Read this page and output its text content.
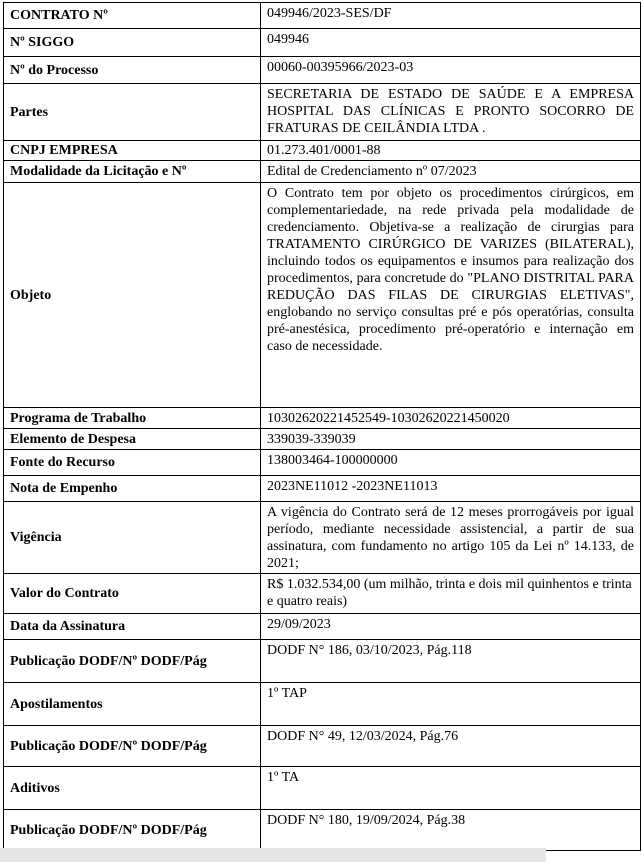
CONTRATO Nº	049946/2023-SES/DF
Nº SIGGO	049946
Nº do Processo	00060-00395966/2023-03
Partes	SECRETARIA DE ESTADO DE SAÚDE E A EMPRESA HOSPITAL DAS CLÍNICAS E PRONTO SOCORRO DE FRATURAS DE CEILÂNDIA LTDA .
CNPJ EMPRESA	01.273.401/0001-88
Modalidade da Licitação e Nº	Edital de Credenciamento nº 07/2023
Objeto	O Contrato tem por objeto os procedimentos cirúrgicos, em complementariedade, na rede privada pela modalidade de credenciamento. Objetiva-se a realização de cirurgias para TRATAMENTO CIRÚRGICO DE VARIZES (BILATERAL), incluindo todos os equipamentos e insumos para realização dos procedimentos, para concretude do "PLANO DISTRITAL PARA REDUÇÃO DAS FILAS DE CIRURGIAS ELETIVAS", englobando no serviço consultas pré e pós operatórias, consulta pré-anestésica, procedimento pré-operatório e internação em caso de necessidade.
Programa de Trabalho	10302620221452549-10302620221450020
Elemento de Despesa	339039-339039
Fonte do Recurso	138003464-100000000
Nota de Empenho	2023NE11012 -2023NE11013
Vigência	A vigência do Contrato será de 12 meses prorrogáveis por igual período, mediante necessidade assistencial, a partir de sua assinatura, com fundamento no artigo 105 da Lei nº 14.133, de 2021;
Valor do Contrato	R$ 1.032.534,00 (um milhão, trinta e dois mil quinhentos e trinta e quatro reais)
Data da Assinatura	29/09/2023
Publicação DODF/Nº DODF/Pág	DODF N° 186, 03/10/2023, Pág.118
Apostilamentos	1º TAP
Publicação DODF/Nº DODF/Pág	DODF N° 49, 12/03/2024, Pág.76
Aditivos	1º TA
Publicação DODF/Nº DODF/Pág	DODF N° 180, 19/09/2024, Pág.38
